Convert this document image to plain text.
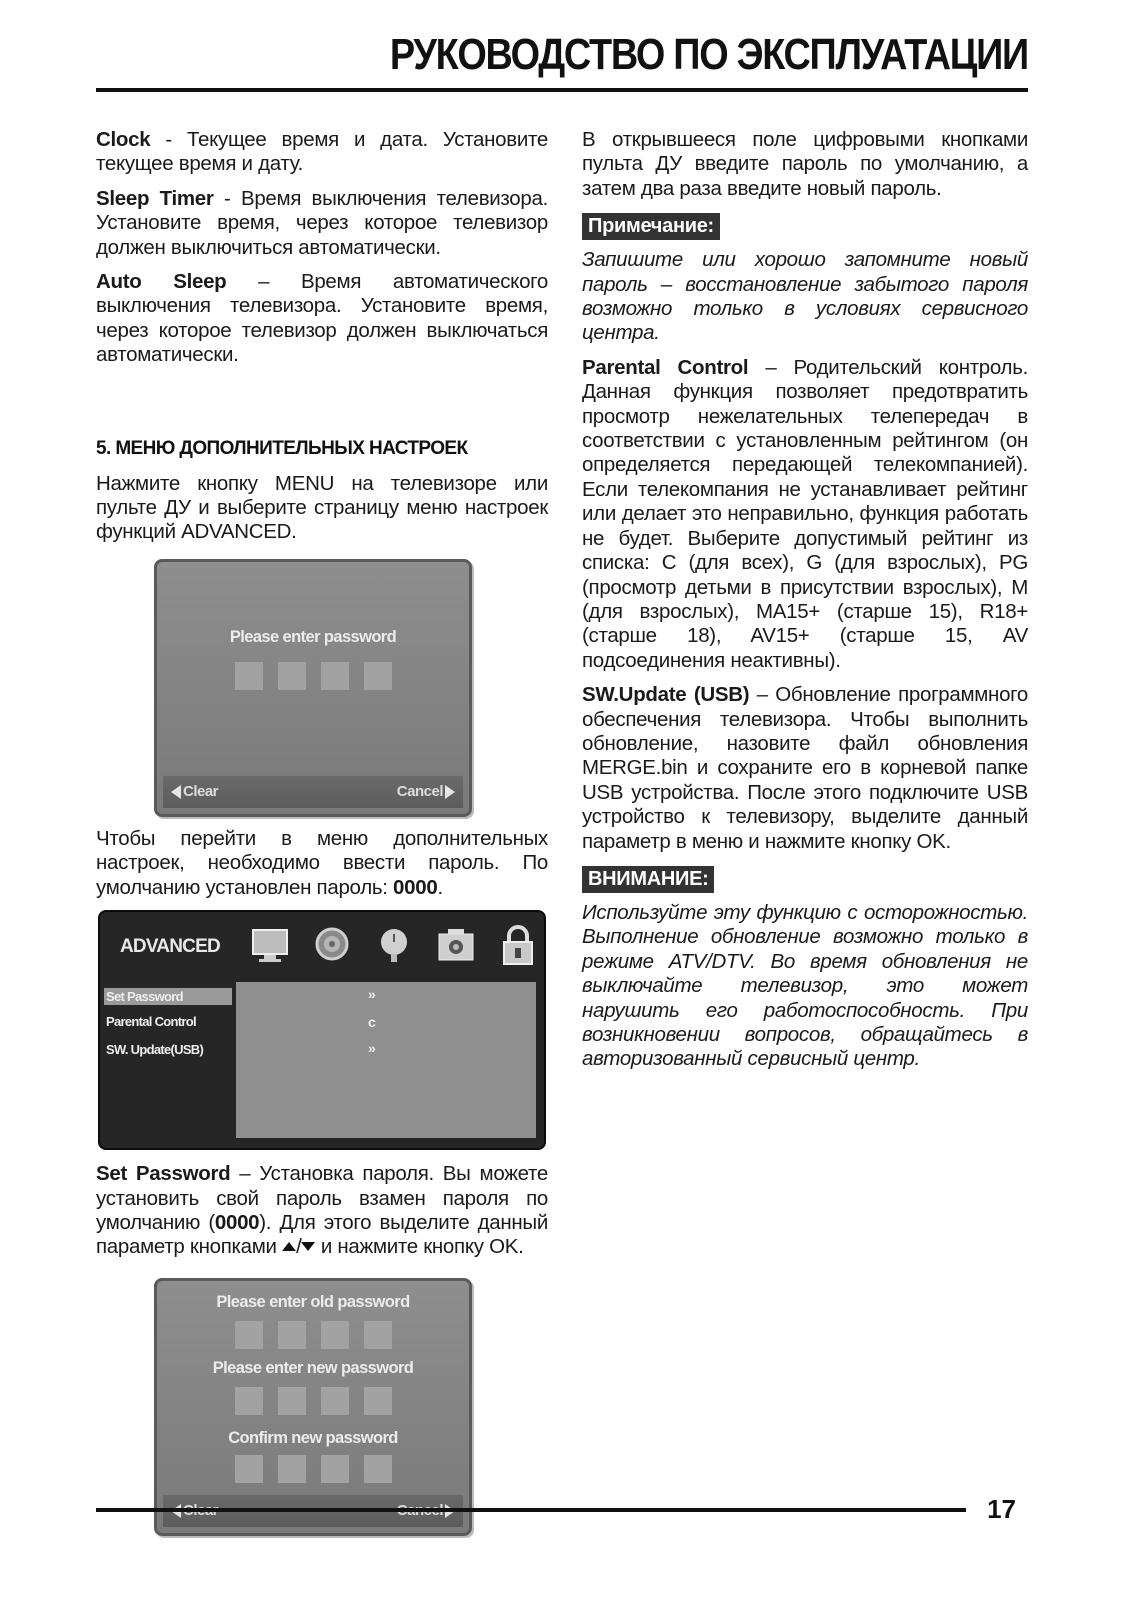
РУКОВОДСТВО ПО ЭКСПЛУАТАЦИИ

Clock - Текущее время и дата. Установите текущее время и дату.

Sleep Timer - Время выключения телевизора. Установите время, через которое телевизор должен выключиться автоматически.

Auto Sleep – Время автоматического выключения телевизора. Установите время, через которое телевизор должен выключаться автоматически.

5. МЕНЮ ДОПОЛНИТЕЛЬНЫХ НАСТРОЕК

Нажмите кнопку MENU на телевизоре или пульте ДУ и выберите страницу меню настроек функций ADVANCED.

Please enter password
Clear	Cancel

Чтобы перейти в меню дополнительных настроек, необходимо ввести пароль. По умолчанию установлен пароль: 0000.

ADVANCED
Set Password	»
Parental Control	c
SW. Update(USB)	»

Set Password – Установка пароля. Вы можете установить свой пароль взамен пароля по умолчанию (0000). Для этого выделите данный параметр кнопками / и нажмите кнопку OK.

Please enter old password
Please enter new password
Confirm new password

В открывшееся поле цифровыми кнопками пульта ДУ введите пароль по умолчанию, а затем два раза введите новый пароль.

Примечание:

Запишите или хорошо запомните новый пароль – восстановление забытого пароля возможно только в условиях сервисного центра.

Parental Control – Родительский контроль. Данная функция позволяет предотвратить просмотр нежелательных телепередач в соответствии с установленным рейтингом (он определяется передающей телекомпанией). Если телекомпания не устанавливает рейтинг или делает это неправильно, функция работать не будет. Выберите допустимый рейтинг из списка: C (для всех), G (для взрослых), PG (просмотр детьми в присутствии взрослых), M (для взрослых), MA15+ (старше 15), R18+ (старше 18), AV15+ (старше 15, AV подсоединения неактивны).

SW.Update (USB) – Обновление программного обеспечения телевизора. Чтобы выполнить обновление, назовите файл обновления MERGE.bin и сохраните его в корневой папке USB устройства. После этого подключите USB устройство к телевизору, выделите данный параметр в меню и нажмите кнопку OK.

ВНИМАНИЕ:

Используйте эту функцию с осторожностью. Выполнение обновление возможно только в режиме ATV/DTV. Во время обновления не выключайте телевизор, это может нарушить его работоспособность. При возникновении вопросов, обращайтесь в авторизованный сервисный центр.

17
